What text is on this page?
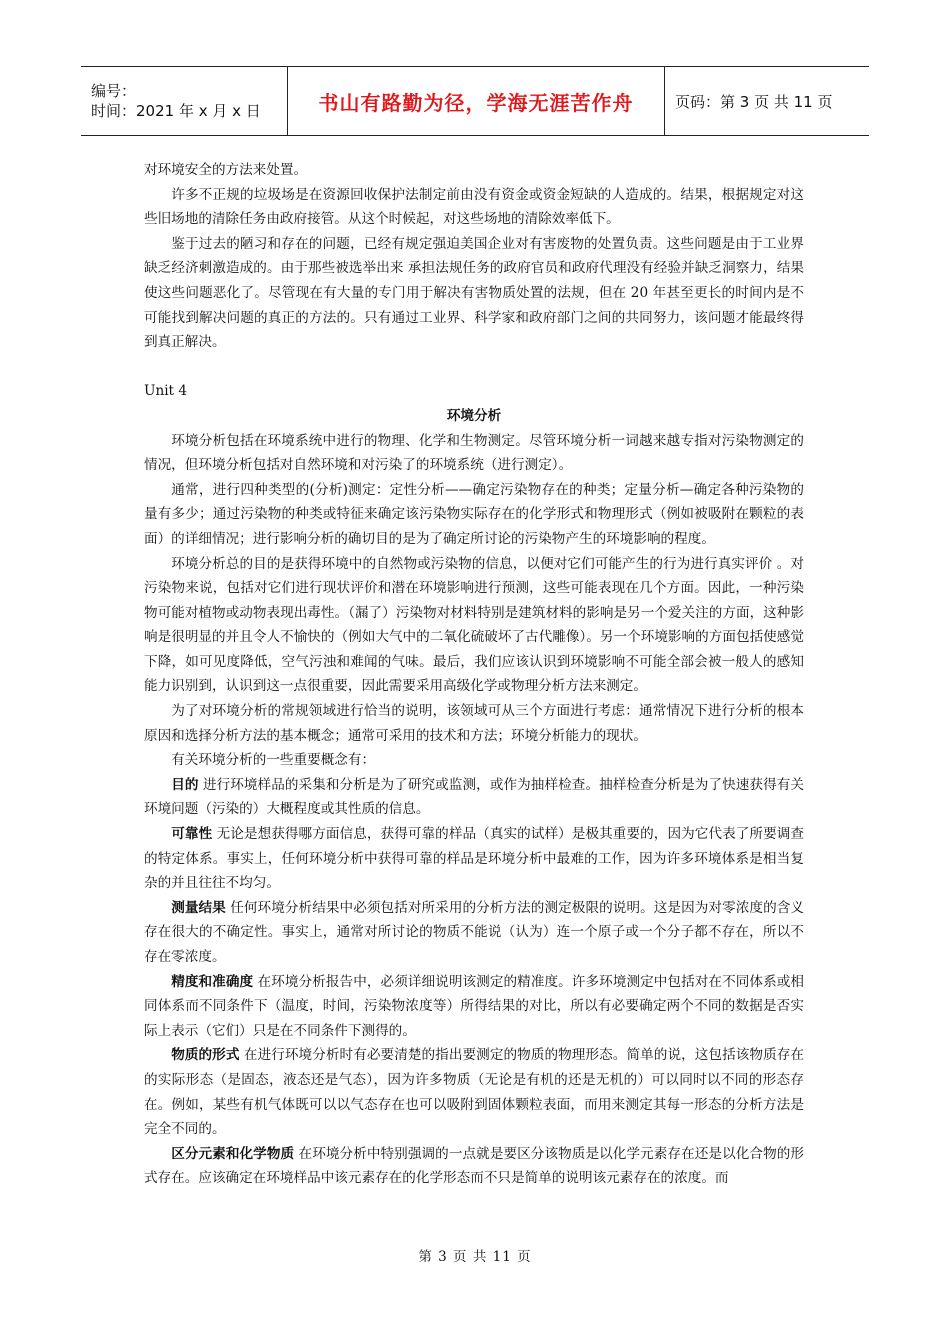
编号：
时间：2021 年 x 月 x 日	书山有路勤为径，学海无涯苦作舟	页码：第 3 页 共 11 页

对环境安全的方法来处置。

许多不正规的垃圾场是在资源回收保护法制定前由没有资金或资金短缺的人造成的。结果，根据规定对这些旧场地的清除任务由政府接管。从这个时候起，对这些场地的清除效率低下。

鉴于过去的陋习和存在的问题，已经有规定强迫美国企业对有害废物的处置负责。这些问题是由于工业界缺乏经济刺激造成的。由于那些被选举出来 承担法规任务的政府官员和政府代理没有经验并缺乏洞察力，结果使这些问题恶化了。尽管现在有大量的专门用于解决有害物质处置的法规，但在 20 年甚至更长的时间内是不可能找到解决问题的真正的方法的。只有通过工业界、科学家和政府部门之间的共同努力，该问题才能最终得到真正解决。

Unit 4

环境分析

环境分析包括在环境系统中进行的物理、化学和生物测定。尽管环境分析一词越来越专指对污染物测定的情况，但环境分析包括对自然环境和对污染了的环境系统（进行测定）。

通常，进行四种类型的(分析)测定：定性分析——确定污染物存在的种类；定量分析—确定各种污染物的量有多少；通过污染物的种类或特征来确定该污染物实际存在的化学形式和物理形式（例如被吸附在颗粒的表面）的详细情况；进行影响分析的确切目的是为了确定所讨论的污染物产生的环境影响的程度。

环境分析总的目的是获得环境中的自然物或污染物的信息，以便对它们可能产生的行为进行真实评价 。对污染物来说，包括对它们进行现状评价和潜在环境影响进行预测，这些可能表现在几个方面。因此，一种污染物可能对植物或动物表现出毒性。（漏了）污染物对材料特别是建筑材料的影响是另一个爱关注的方面，这种影响是很明显的并且令人不愉快的（例如大气中的二氧化硫破坏了古代雕像）。另一个环境影响的方面包括使感觉下降，如可见度降低，空气污浊和难闻的气味。最后，我们应该认识到环境影响不可能全部会被一般人的感知能力识别到，认识到这一点很重要，因此需要采用高级化学或物理分析方法来测定。

为了对环境分析的常规领域进行恰当的说明，该领域可从三个方面进行考虑：通常情况下进行分析的根本原因和选择分析方法的基本概念；通常可采用的技术和方法；环境分析能力的现状。

有关环境分析的一些重要概念有：

目的 进行环境样品的采集和分析是为了研究或监测，或作为抽样检查。抽样检查分析是为了快速获得有关环境问题（污染的）大概程度或其性质的信息。

可靠性 无论是想获得哪方面信息，获得可靠的样品（真实的试样）是极其重要的，因为它代表了所要调查的特定体系。事实上，任何环境分析中获得可靠的样品是环境分析中最难的工作，因为许多环境体系是相当复杂的并且往往不均匀。

测量结果 任何环境分析结果中必须包括对所采用的分析方法的测定极限的说明。这是因为对零浓度的含义存在很大的不确定性。事实上，通常对所讨论的物质不能说（认为）连一个原子或一个分子都不存在，所以不存在零浓度。

精度和准确度 在环境分析报告中，必须详细说明该测定的精准度。许多环境测定中包括对在不同体系或相同体系而不同条件下（温度，时间，污染物浓度等）所得结果的对比，所以有必要确定两个不同的数据是否实际上表示（它们）只是在不同条件下测得的。

物质的形式 在进行环境分析时有必要清楚的指出要测定的物质的物理形态。简单的说，这包括该物质存在的实际形态（是固态，液态还是气态），因为许多物质（无论是有机的还是无机的）可以同时以不同的形态存在。例如，某些有机气体既可以以气态存在也可以吸附到固体颗粒表面，而用来测定其每一形态的分析方法是完全不同的。

区分元素和化学物质 在环境分析中特别强调的一点就是要区分该物质是以化学元素存在还是以化合物的形式存在。应该确定在环境样品中该元素存在的化学形态而不只是简单的说明该元素存在的浓度。而

第 3 页 共 11 页
